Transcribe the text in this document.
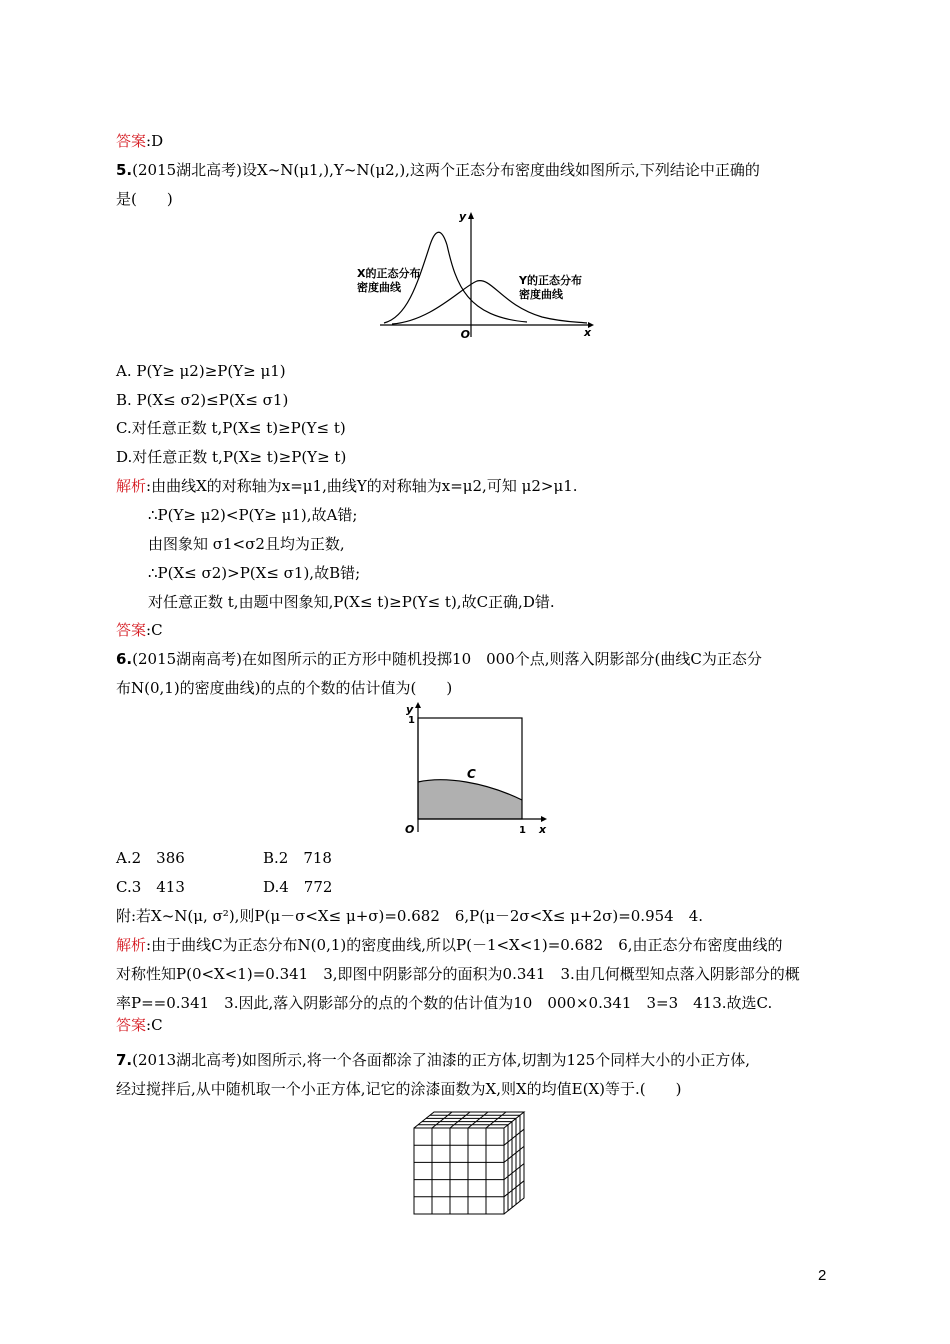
答案:D
5.(2015湖北高考)设X~N(μ1,),Y~N(μ2,),这两个正态分布密度曲线如图所示,下列结论中正确的
是(　　)
O
y
x
X的正态分布
密度曲线
Y的正态分布
密度曲线
A. P(Y≥ μ2)≥P(Y≥ μ1)
B. P(X≤ σ2)≤P(X≤ σ1)
C.对任意正数 t,P(X≤ t)≥P(Y≤ t)
D.对任意正数 t,P(X≥ t)≥P(Y≥ t)
解析:由曲线X的对称轴为x=μ1,曲线Y的对称轴为x=μ2,可知 μ2>μ1.
∴P(Y≥ μ2)<P(Y≥ μ1),故A错;
由图象知 σ1<σ2且均为正数,
∴P(X≤ σ2)>P(X≤ σ1),故B错;
对任意正数 t,由题中图象知,P(X≤ t)≥P(Y≤ t),故C正确,D错.
答案:C
6.(2015湖南高考)在如图所示的正方形中随机投掷10　000个点,则落入阴影部分(曲线C为正态分
布N(0,1)的密度曲线)的点的个数的估计值为(　　)
y
1
O	1 x
C
A.2　386	B.2　718
C.3　413	D.4　772
附:若X~N(μ, σ²),则P(μ－σ<X≤ μ+σ)=0.682　6,P(μ－2σ<X≤ μ+2σ)=0.954　4.
解析:由于曲线C为正态分布N(0,1)的密度曲线,所以P(－1<X<1)=0.682　6,由正态分布密度曲线的
对称性知P(0<X<1)=0.341　3,即图中阴影部分的面积为0.341　3.由几何概型知点落入阴影部分的概
率P==0.341　3.因此,落入阴影部分的点的个数的估计值为10　000×0.341　3=3　413.故选C.
答案:C
7.(2013湖北高考)如图所示,将一个各面都涂了油漆的正方体,切割为125个同样大小的小正方体,
经过搅拌后,从中随机取一个小正方体,记它的涂漆面数为X,则X的均值E(X)等于.(　　)
2
